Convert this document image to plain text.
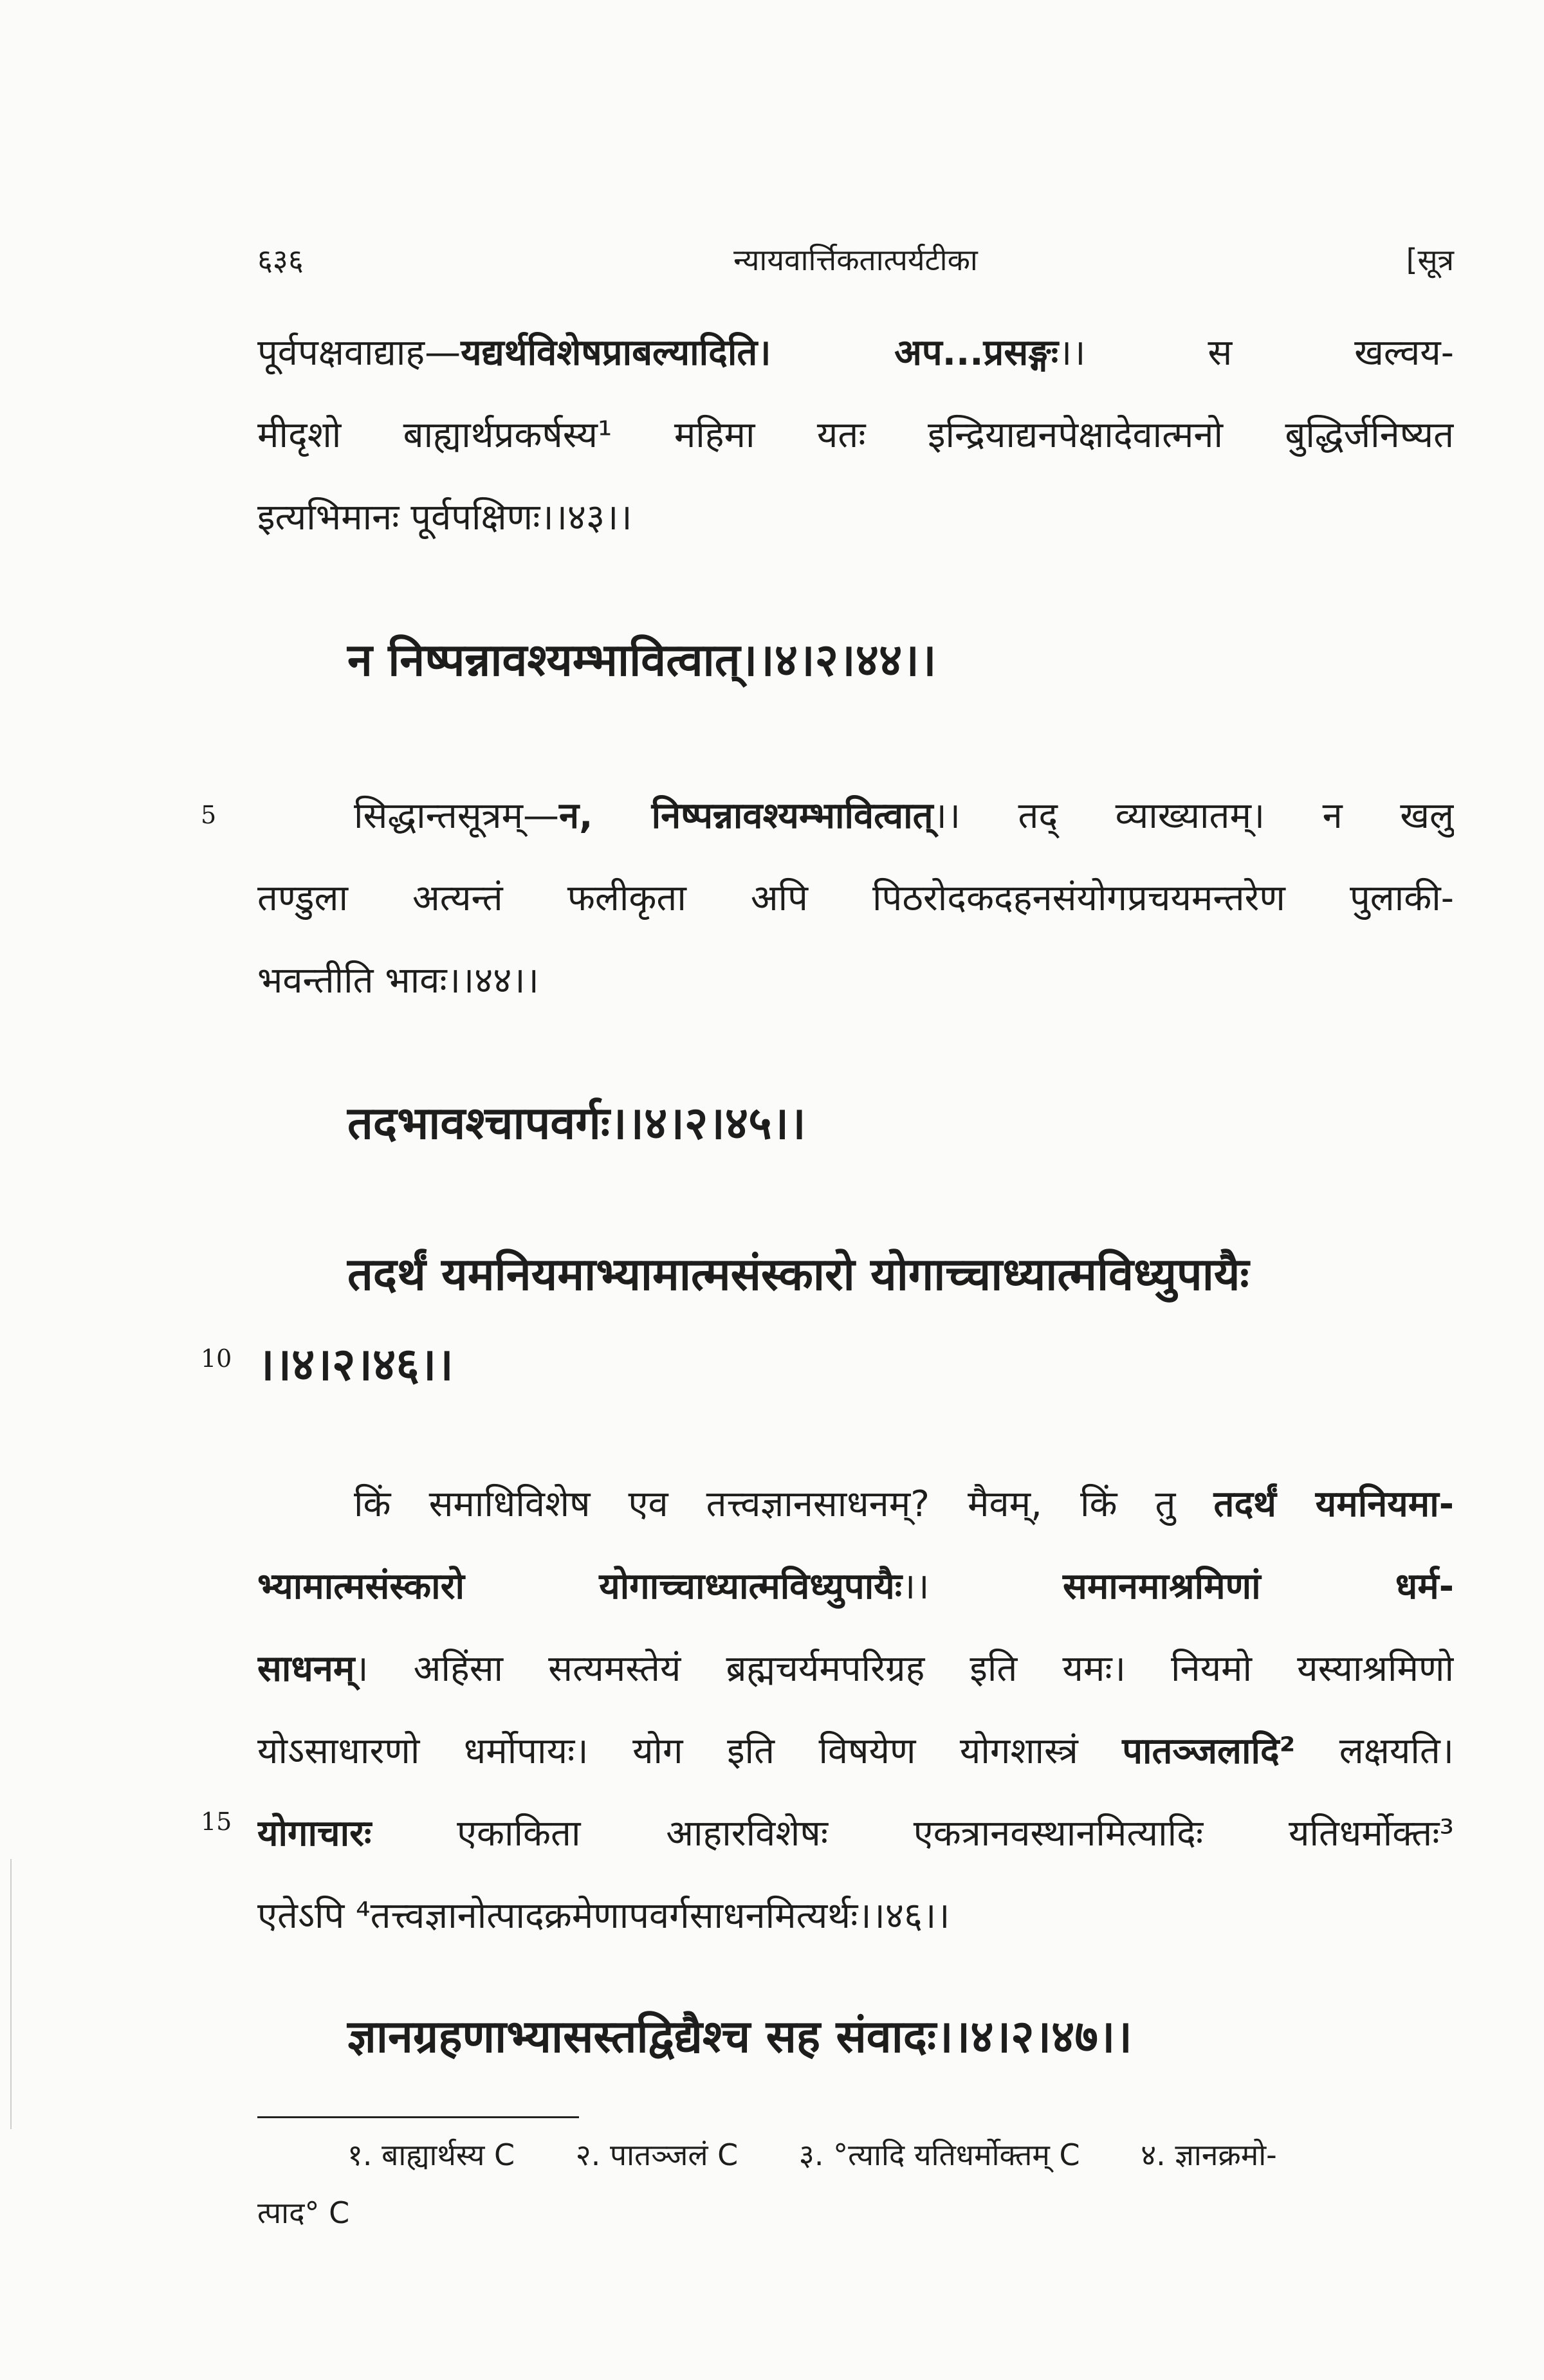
६३६	न्यायवार्त्तिकतात्पर्यटीका	[सूत्र
पूर्वपक्षवाद्याह—यद्यर्थविशेषप्राबल्यादिति। अप...प्रसङ्गः।। स खल्वय-
मीदृशो बाह्यार्थप्रकर्षस्य¹ महिमा यतः इन्द्रियाद्यनपेक्षादेवात्मनो बुद्धिर्जनिष्यत
इत्यभिमानः पूर्वपक्षिणः।।४३।।
न निष्पन्नावश्यम्भावित्वात्।।४।२।४४।।
5	सिद्धान्तसूत्रम्—न, निष्पन्नावश्यम्भावित्वात्।। तद् व्याख्यातम्। न खलु
तण्डुला अत्यन्तं फलीकृता अपि पिठरोदकदहनसंयोगप्रचयमन्तरेण पुलाकी-
भवन्तीति भावः।।४४।।
तदभावश्चापवर्गः।।४।२।४५।।
तदर्थं यमनियमाभ्यामात्मसंस्कारो योगाच्चाध्यात्मविध्युपायैः
10 ।।४।२।४६।।
किं समाधिविशेष एव तत्त्वज्ञानसाधनम्? मैवम्, किं तु तदर्थं यमनियमा-
भ्यामात्मसंस्कारो योगाच्चाध्यात्मविध्युपायैः।। समानमाश्रमिणां धर्म-
साधनम्। अहिंसा सत्यमस्तेयं ब्रह्मचर्यमपरिग्रह इति यमः। नियमो यस्याश्रमिणो
योऽसाधारणो धर्मोपायः। योग इति विषयेण योगशास्त्रं पातञ्जलादि² लक्षयति।
योगाचारः एकाकिता आहारविशेषः एकत्रानवस्थानमित्यादिः यतिधर्मोक्तः³
एतेऽपि ⁴तत्त्वज्ञानोत्पादक्रमेणापवर्गसाधनमित्यर्थः।।४६।।
15
ज्ञानग्रहणाभ्यासस्तद्विद्यैश्च सह संवादः।।४।२।४७।।
१. बाह्यार्थस्य C २. पातञ्जलं C ३. °त्यादि यतिधर्मोक्तम् C ४. ज्ञानक्रमो-
त्पाद° C
